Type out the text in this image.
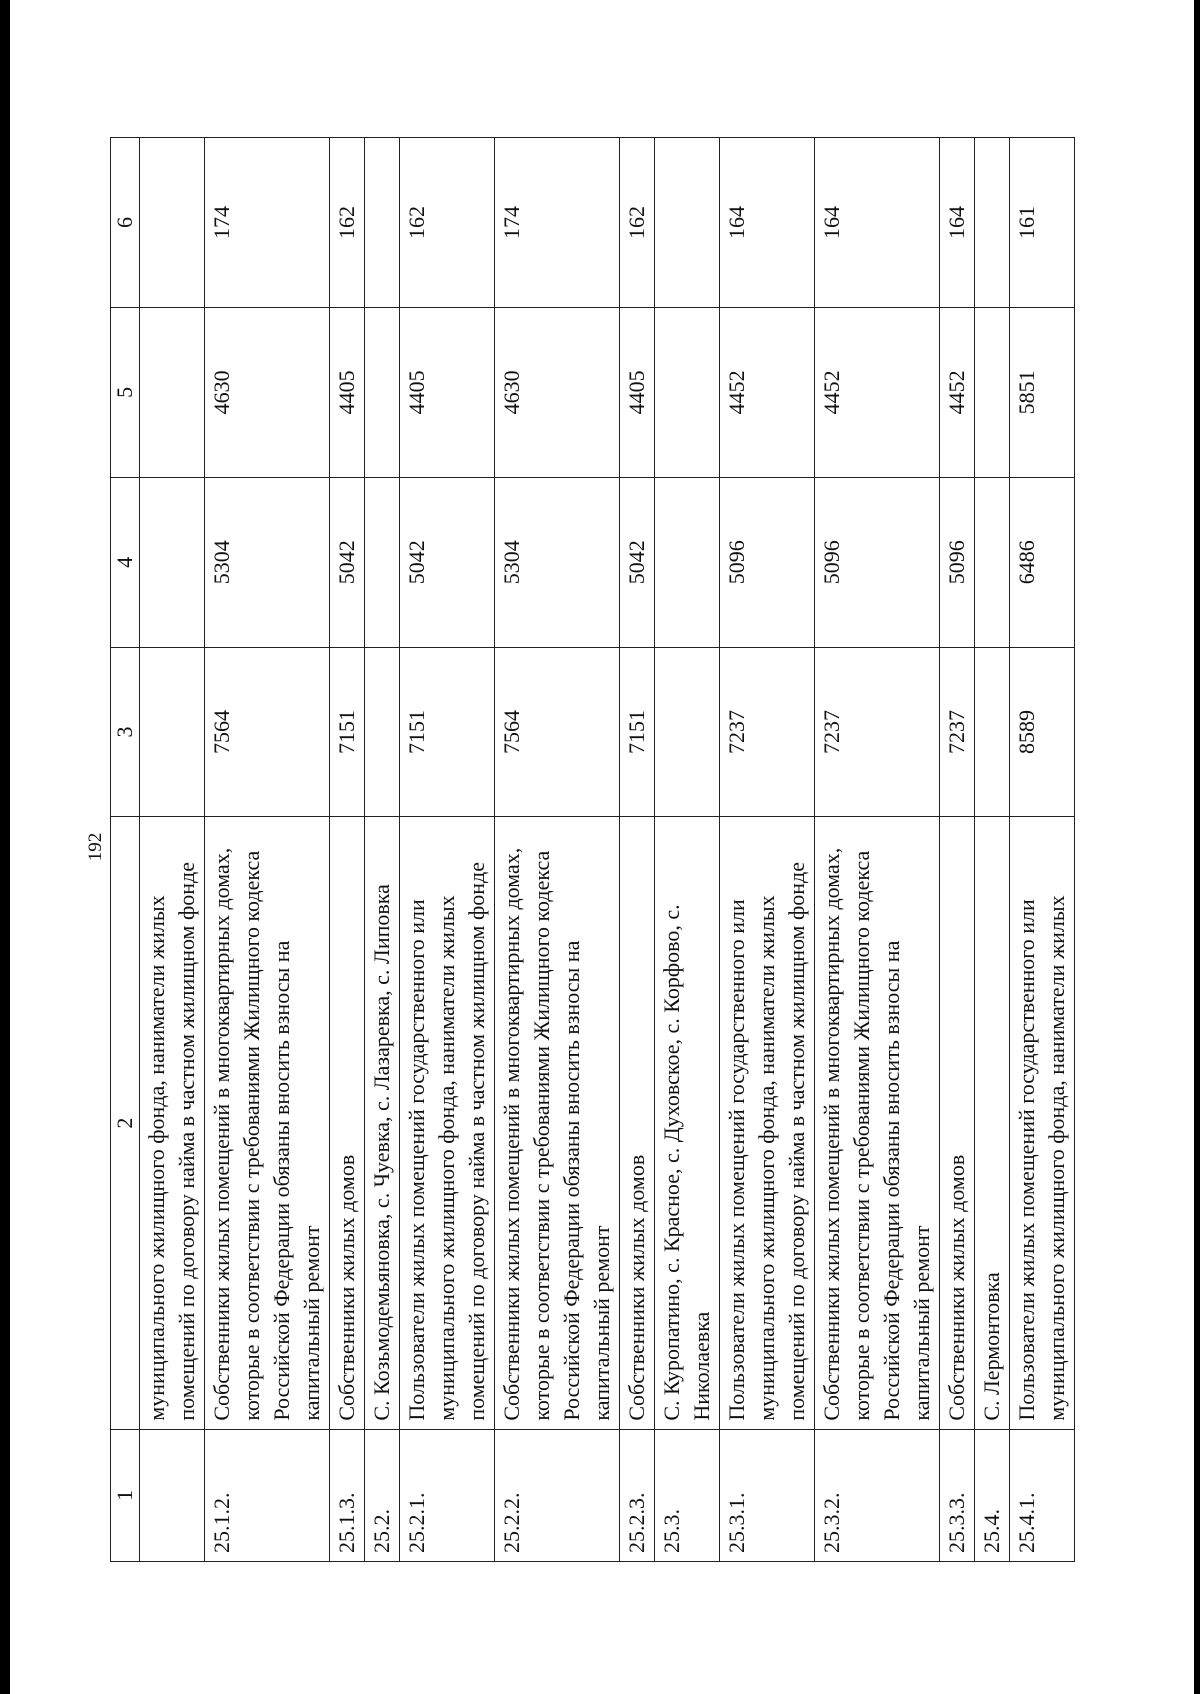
192
1	2	3	4	5	6
	муниципального жилищного фонда, наниматели жилых помещений по договору найма в частном жилищном фонде				
25.1.2.	Собственники жилых помещений в многоквартирных домах, которые в соответствии с требованиями Жилищного кодекса Российской Федерации обязаны вносить взносы на капитальный ремонт	7564	5304	4630	174
25.1.3.	Собственники жилых домов	7151	5042	4405	162
25.2.	С. Козьмодемьяновка, с. Чуевка, с. Лазаревка, с. Липовка				
25.2.1.	Пользователи жилых помещений государственного или муниципального жилищного фонда, наниматели жилых помещений по договору найма в частном жилищном фонде	7151	5042	4405	162
25.2.2.	Собственники жилых помещений в многоквартирных домах, которые в соответствии с требованиями Жилищного кодекса Российской Федерации обязаны вносить взносы на капитальный ремонт	7564	5304	4630	174
25.2.3.	Собственники жилых домов	7151	5042	4405	162
25.3.	С. Куропатино, с. Красное, с. Духовское, с. Корфово, с. Николаевка				
25.3.1.	Пользователи жилых помещений государственного или муниципального жилищного фонда, наниматели жилых помещений по договору найма в частном жилищном фонде	7237	5096	4452	164
25.3.2.	Собственники жилых помещений в многоквартирных домах, которые в соответствии с требованиями Жилищного кодекса Российской Федерации обязаны вносить взносы на капитальный ремонт	7237	5096	4452	164
25.3.3.	Собственники жилых домов	7237	5096	4452	164
25.4.	С. Лермонтовка				
25.4.1.	Пользователи жилых помещений государственного или муниципального жилищного фонда, наниматели жилых	8589	6486	5851	161
